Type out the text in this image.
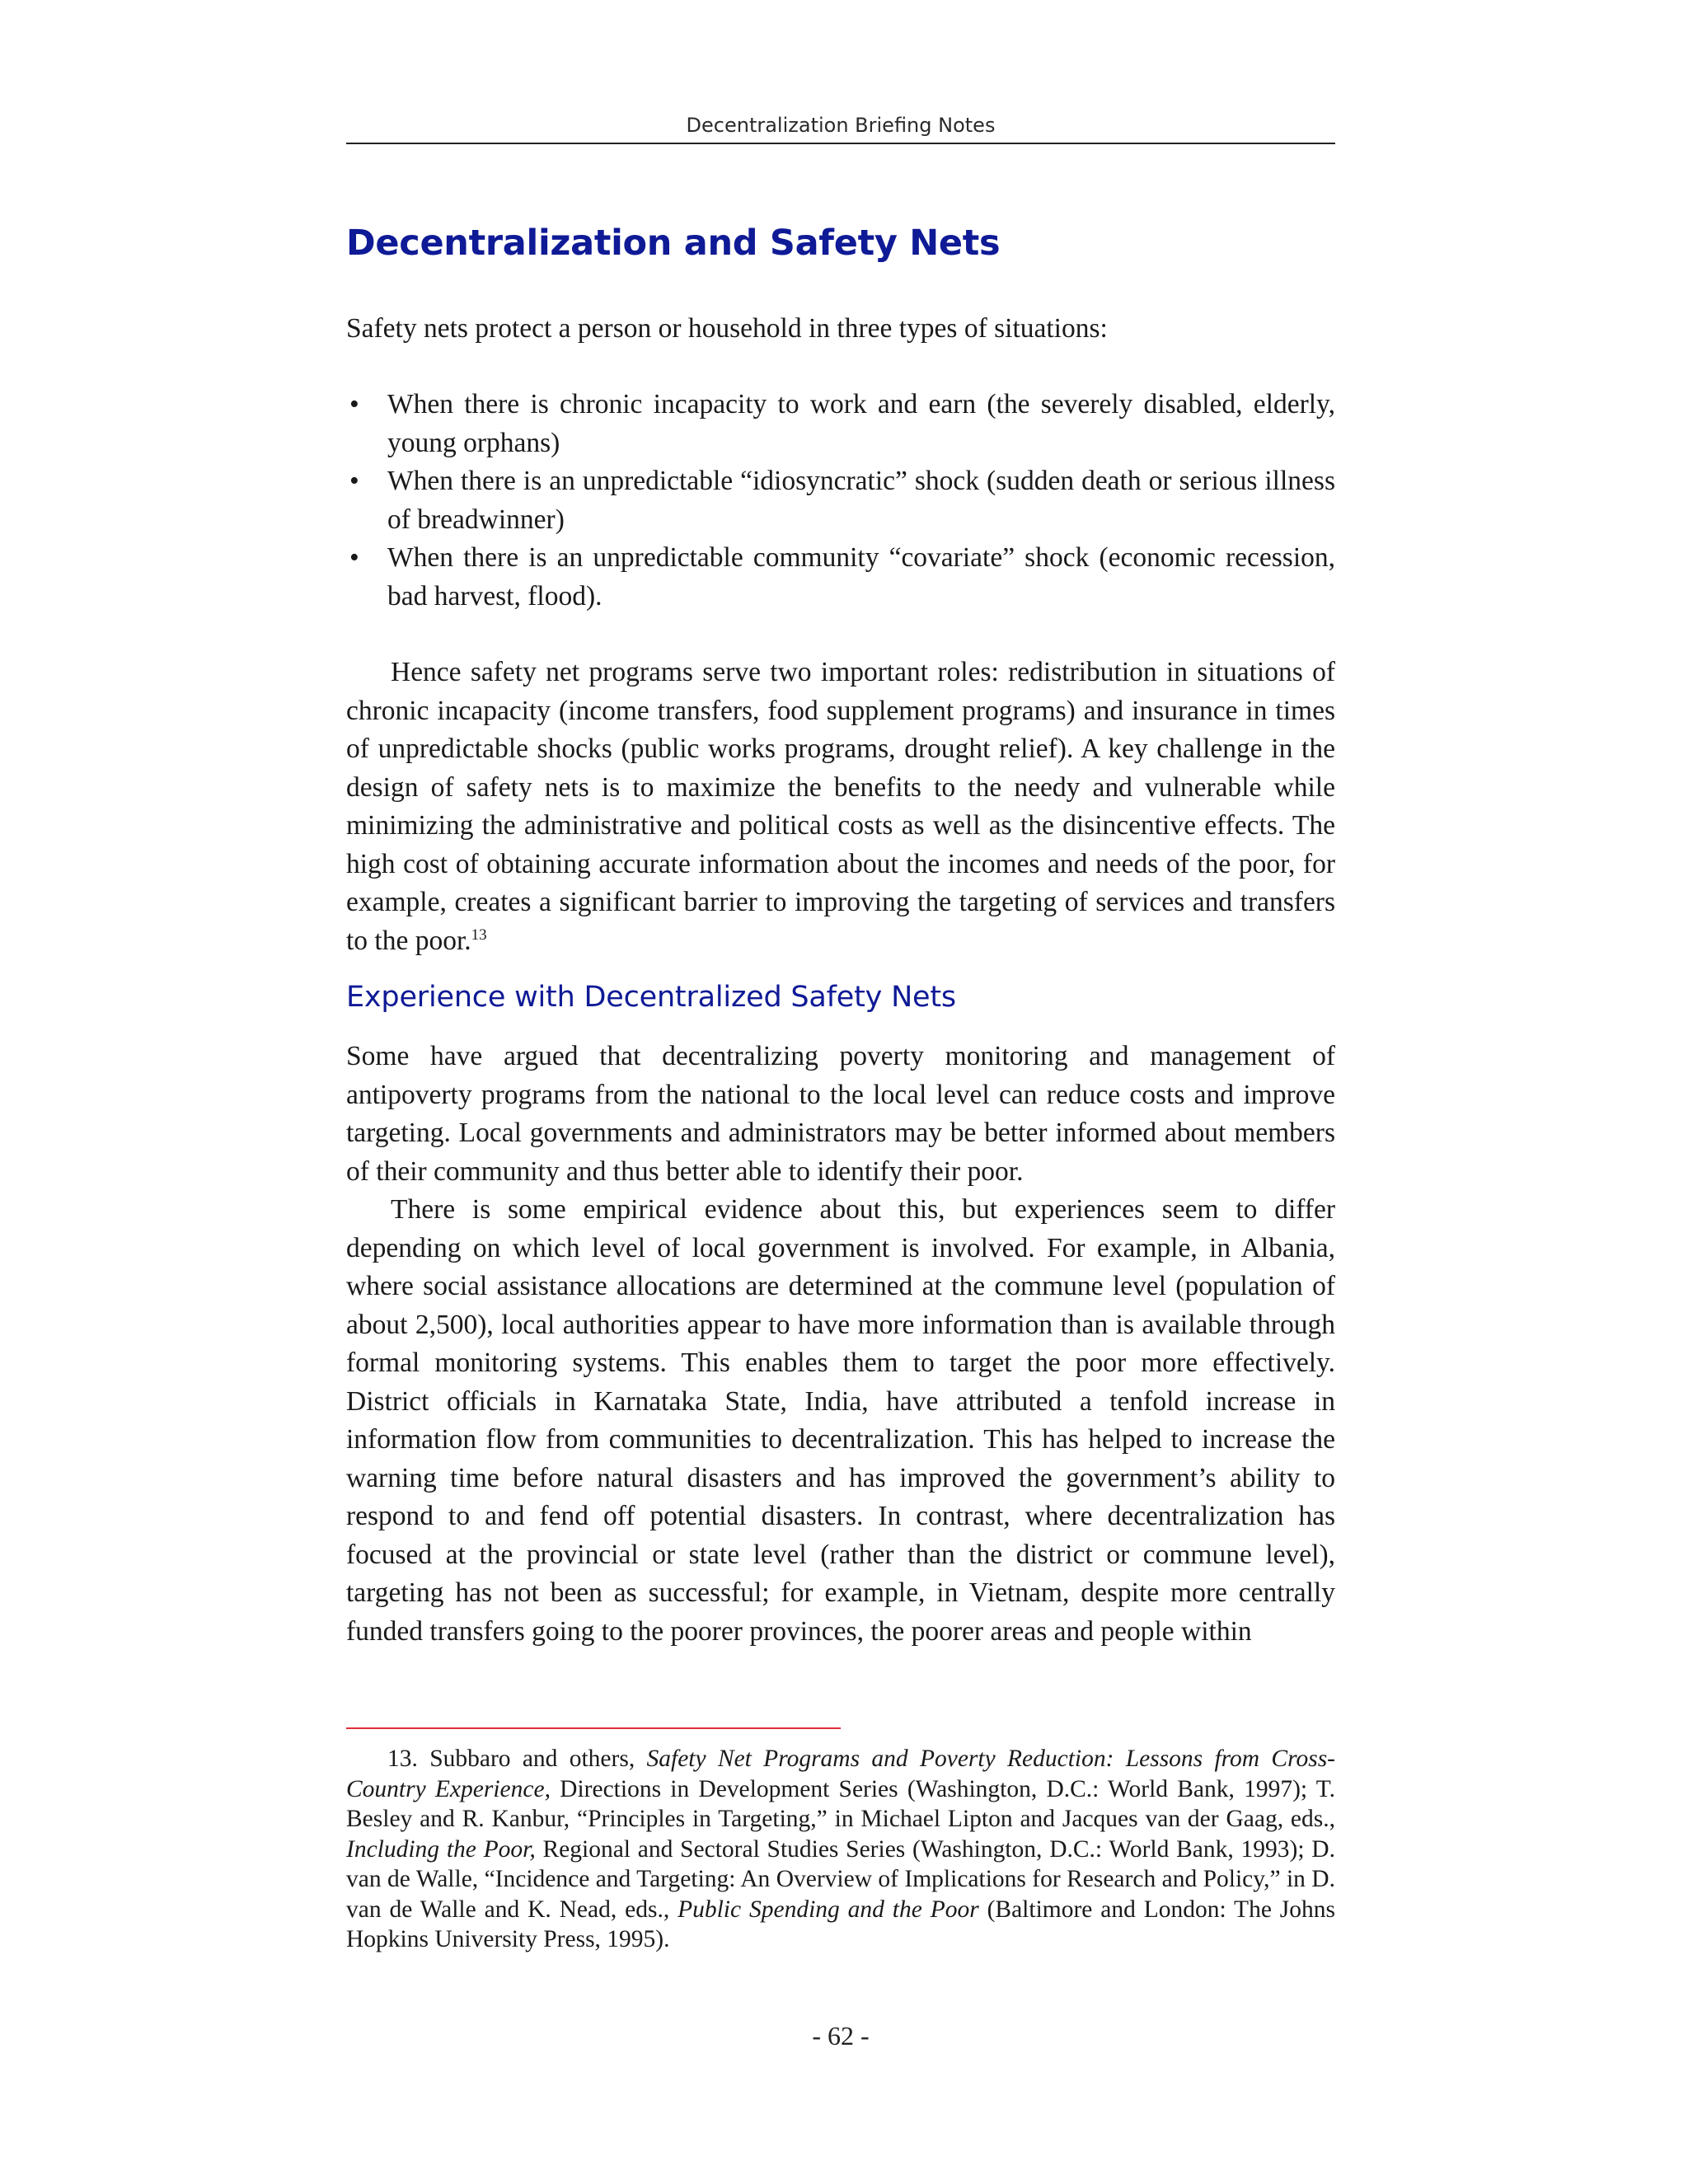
Decentralization Briefing Notes
Decentralization and Safety Nets

Safety nets protect a person or household in three types of situations:

• When there is chronic incapacity to work and earn (the severely disabled, elderly, young orphans)
• When there is an unpredictable “idiosyncratic” shock (sudden death or serious illness of breadwinner)
• When there is an unpredictable community “covariate” shock (economic recession, bad harvest, flood).

Hence safety net programs serve two important roles: redistribution in situations of chronic incapacity (income transfers, food supplement programs) and insurance in times of unpredictable shocks (public works programs, drought relief). A key challenge in the design of safety nets is to maximize the benefits to the needy and vulnerable while minimizing the administrative and political costs as well as the disincentive effects. The high cost of obtaining accurate information about the incomes and needs of the poor, for example, creates a significant barrier to improving the targeting of services and transfers to the poor.$^{13}$

Experience with Decentralized Safety Nets

Some have argued that decentralizing poverty monitoring and management of antipoverty programs from the national to the local level can reduce costs and improve targeting. Local governments and administrators may be better informed about members of their community and thus better able to identify their poor.

There is some empirical evidence about this, but experiences seem to differ depending on which level of local government is involved. For example, in Albania, where social assistance allocations are determined at the commune level (population of about 2,500), local authorities appear to have more information than is available through formal monitoring systems. This enables them to target the poor more effectively. District officials in Karnataka State, India, have attributed a tenfold increase in information flow from communities to decentralization. This has helped to increase the warning time before natural disasters and has improved the government’s ability to respond to and fend off potential disasters. In contrast, where decentralization has focused at the provincial or state level (rather than the district or commune level), targeting has not been as successful; for example, in Vietnam, despite more centrally funded transfers going to the poorer provinces, the poorer areas and people within

13. Subbaro and others, Safety Net Programs and Poverty Reduction: Lessons from Cross-Country Experience, Directions in Development Series (Washington, D.C.: World Bank, 1997); T. Besley and R. Kanbur, “Principles in Targeting,” in Michael Lipton and Jacques van der Gaag, eds., Including the Poor, Regional and Sectoral Studies Series (Washington, D.C.: World Bank, 1993); D. van de Walle, “Incidence and Targeting: An Overview of Implications for Research and Policy,” in D. van de Walle and K. Nead, eds., Public Spending and the Poor (Baltimore and London: The Johns Hopkins University Press, 1995).

- 62 -
